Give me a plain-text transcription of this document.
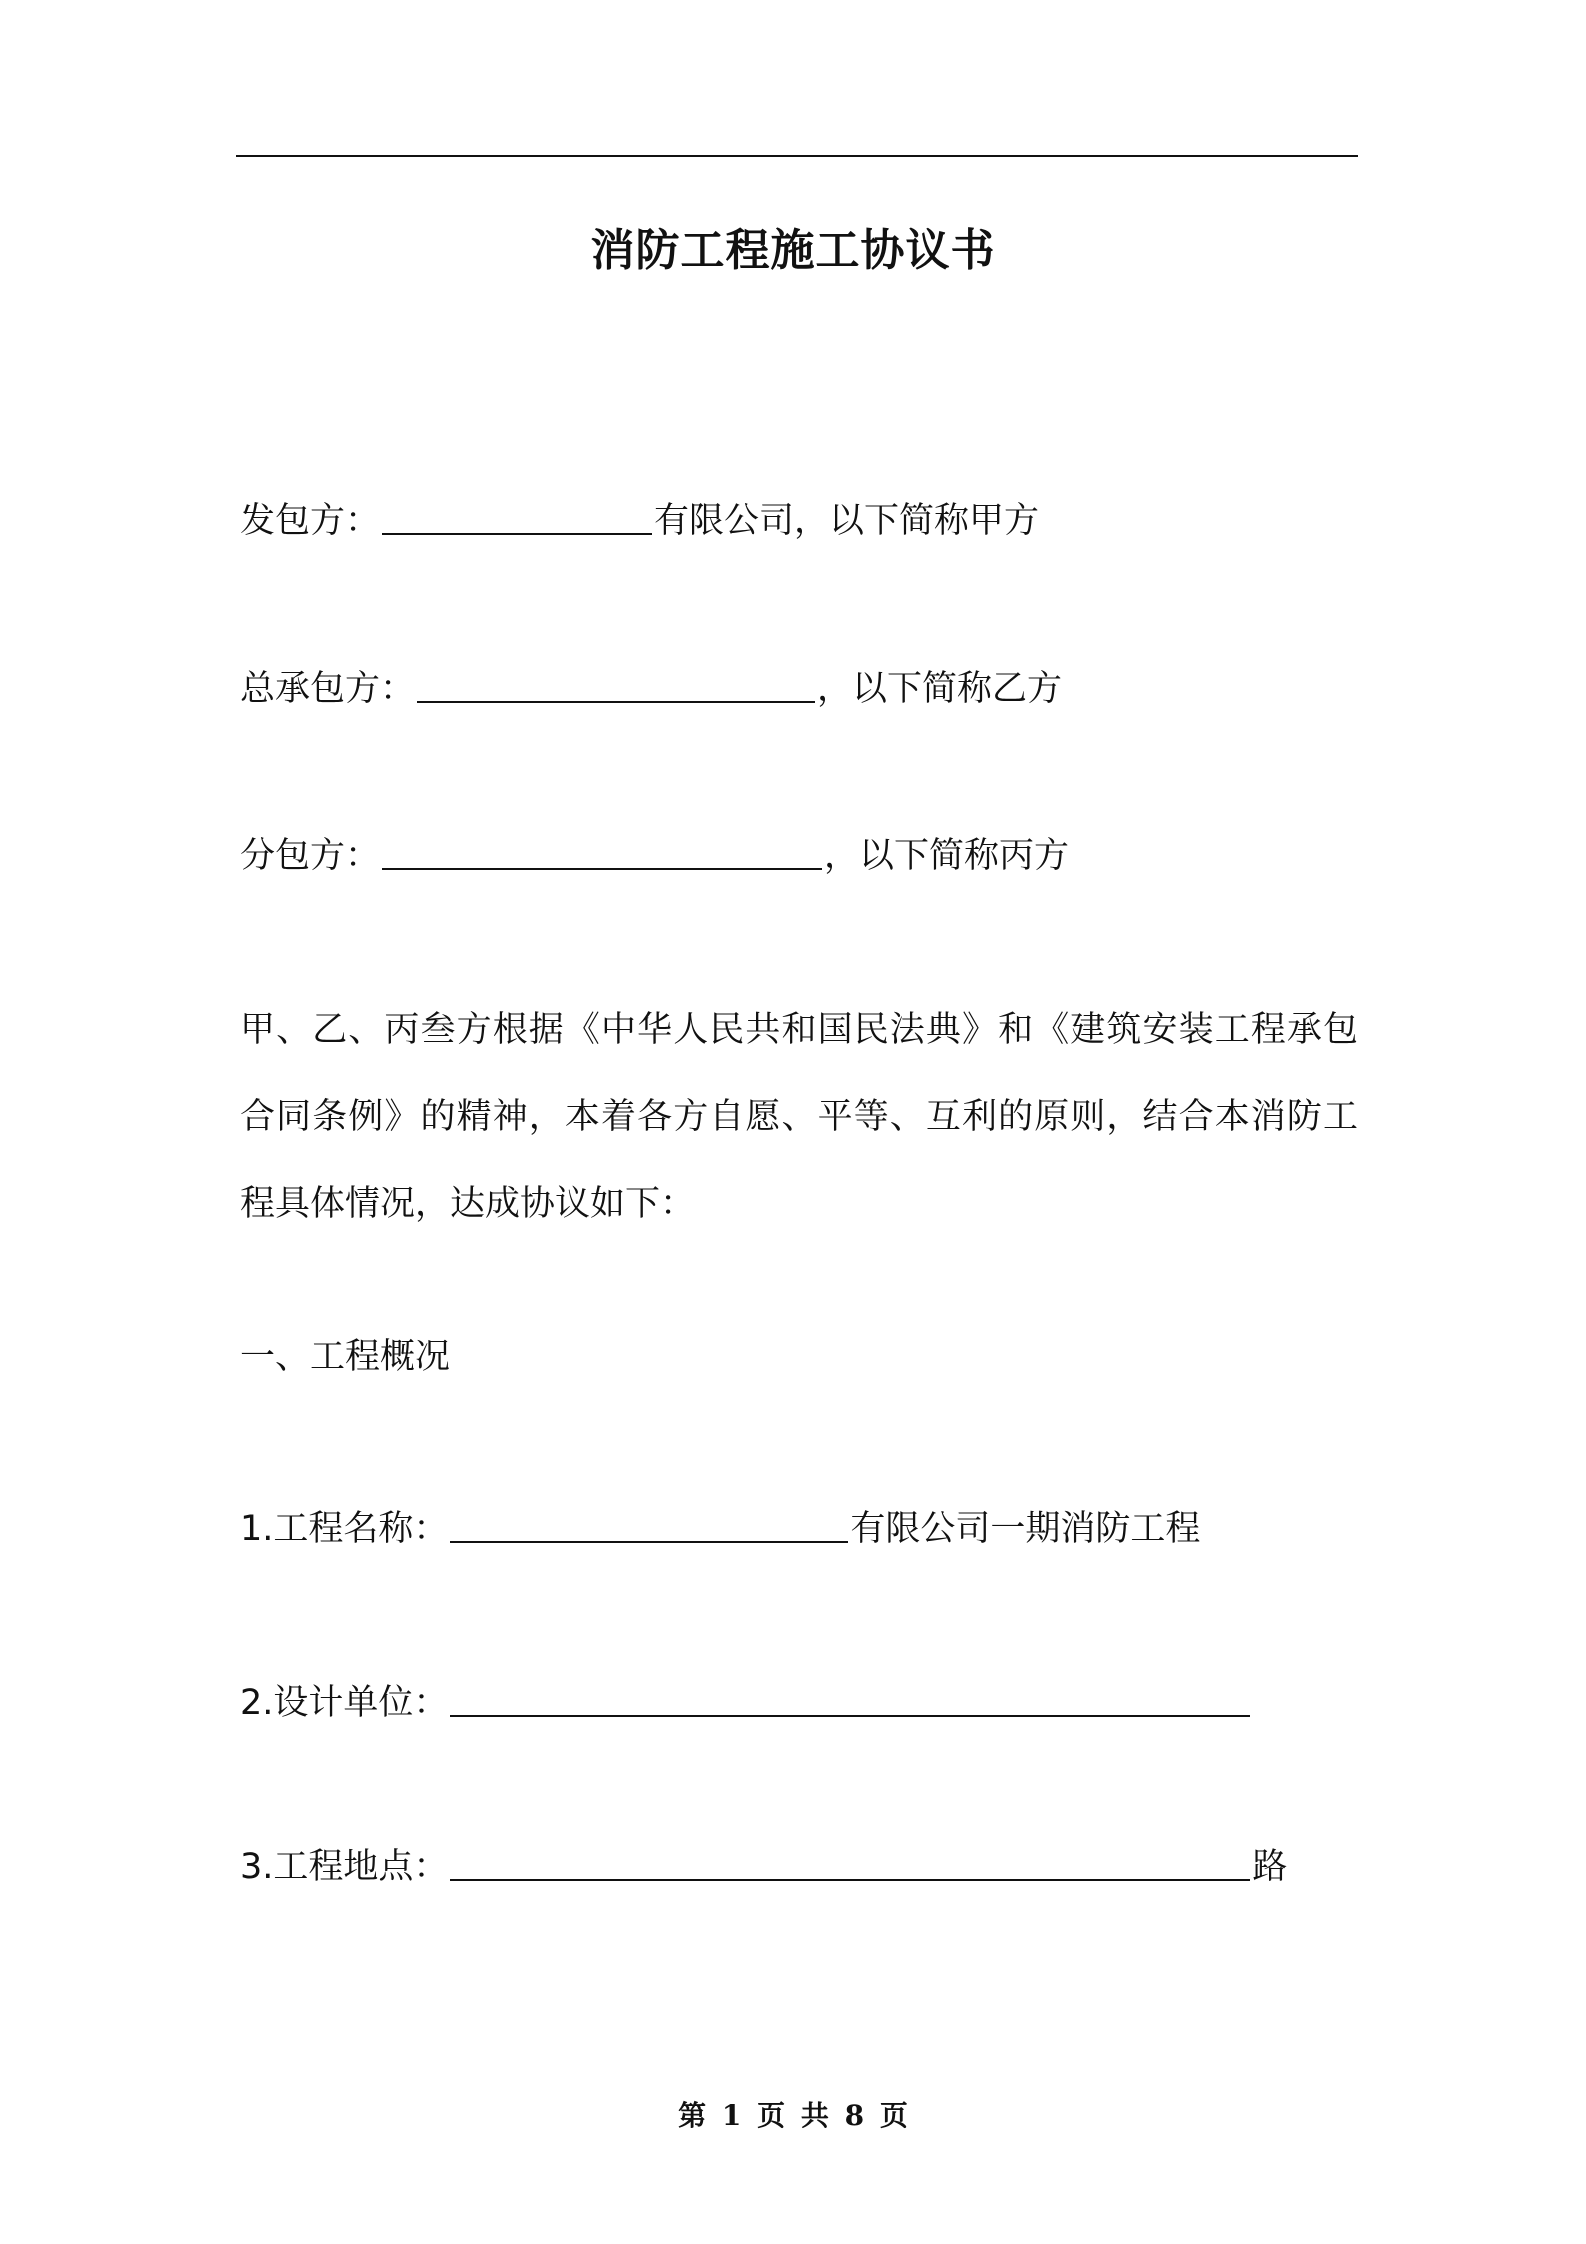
消防工程施工协议书
发包方：	有限公司，以下简称甲方
总承包方：	，以下简称乙方
分包方：	，以下简称丙方
甲、乙、丙叁方根据《中华人民共和国民法典》和《建筑安装工程承包合同条例》的精神，本着各方自愿、平等、互利的原则，结合本消防工程具体情况，达成协议如下：
一、工程概况
1.工程名称：	有限公司一期消防工程
2.设计单位：
3.工程地点：	路
第 1 页 共 8 页
